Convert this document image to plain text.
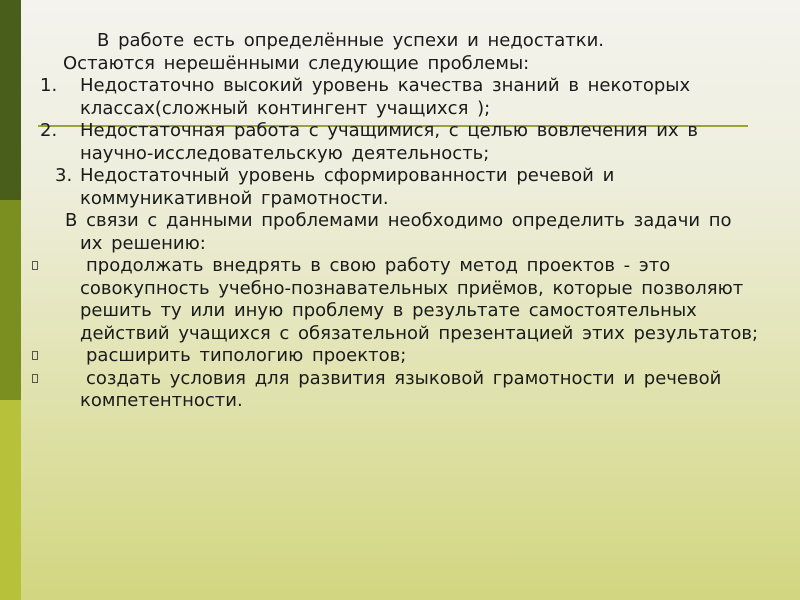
В работе есть определённые успехи и недостатки.
Остаются нерешёнными следующие проблемы:

1. Недостаточно высокий уровень качества знаний в некоторых классах(сложный контингент учащихся );

2. Недостаточная работа с учащимися, с целью вовлечения их в научно-исследовательскую деятельность;

3. Недостаточный уровень сформированности речевой и коммуникативной грамотности.

В связи с данными проблемами необходимо определить задачи по их решению:

продолжать внедрять в свою работу метод проектов - это совокупность учебно-познавательных приёмов, которые позволяют решить ту или иную проблему в результате самостоятельных действий учащихся с обязательной презентацией этих результатов;

расширить типологию проектов;

создать условия для развития языковой грамотности и речевой компетентности.
